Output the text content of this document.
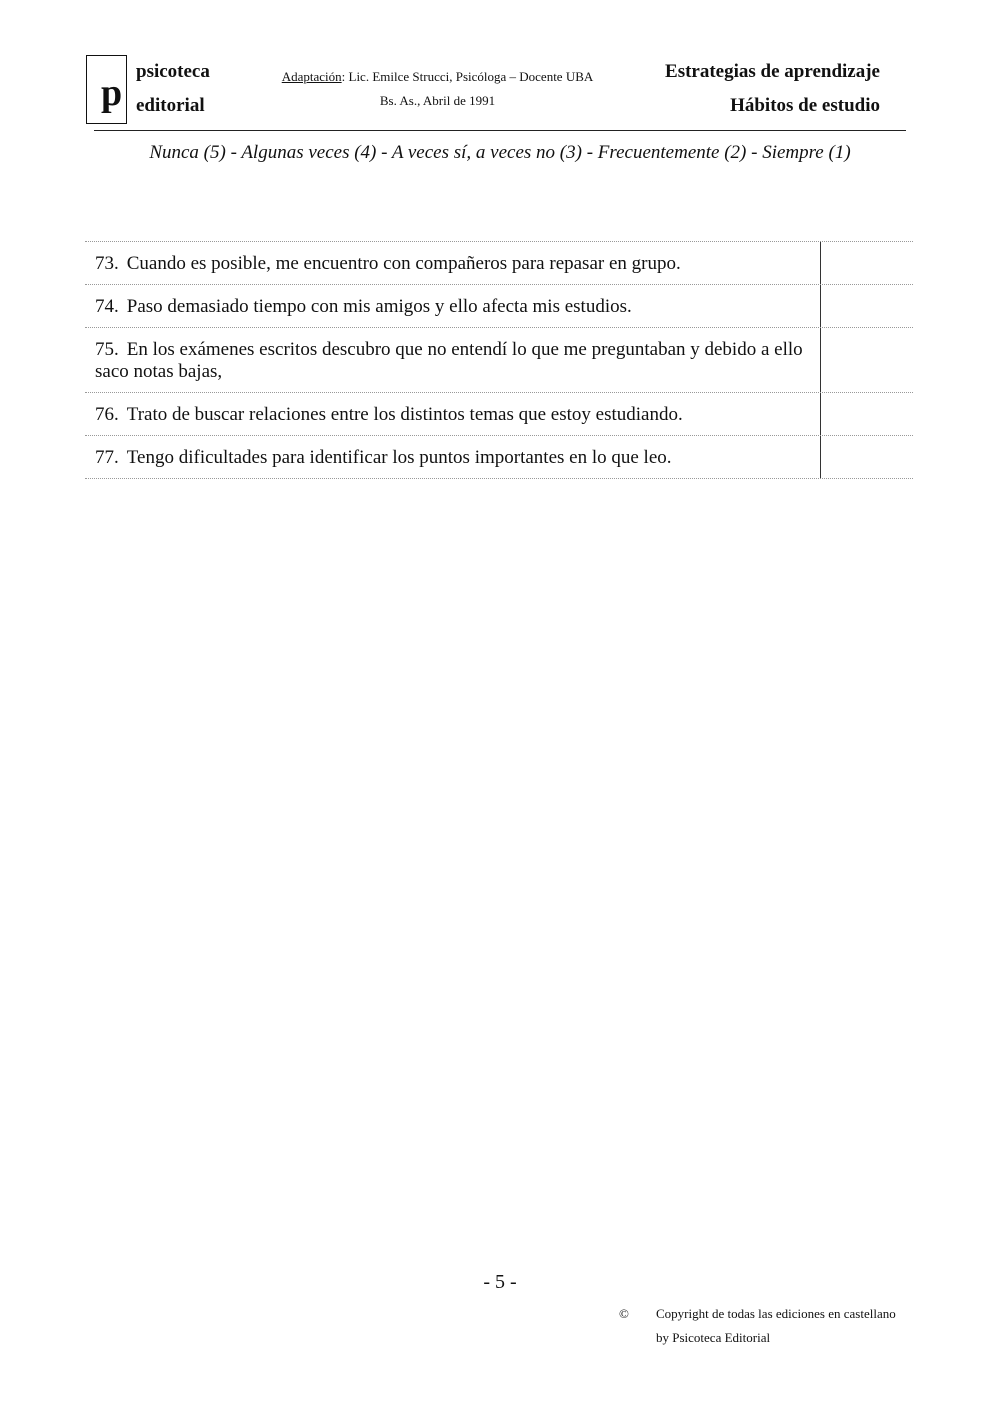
p
psicoteca
editorial
Adaptación: Lic. Emilce Strucci, Psicóloga – Docente UBA
Bs. As., Abril de 1991
Estrategias de aprendizaje
Hábitos de estudio
Nunca (5) - Algunas veces (4) - A veces sí, a veces no (3) - Frecuentemente (2) - Siempre (1)
73. Cuando es posible, me encuentro con compañeros para repasar en grupo.
74. Paso demasiado tiempo con mis amigos y ello afecta mis estudios.
75. En los exámenes escritos descubro que no entendí lo que me preguntaban y debido a ello saco notas bajas,
76. Trato de buscar relaciones entre los distintos temas que estoy estudiando.
77. Tengo dificultades para identificar los puntos importantes en lo que leo.
- 5 -
© Copyright de todas las ediciones en castellano
by Psicoteca Editorial
